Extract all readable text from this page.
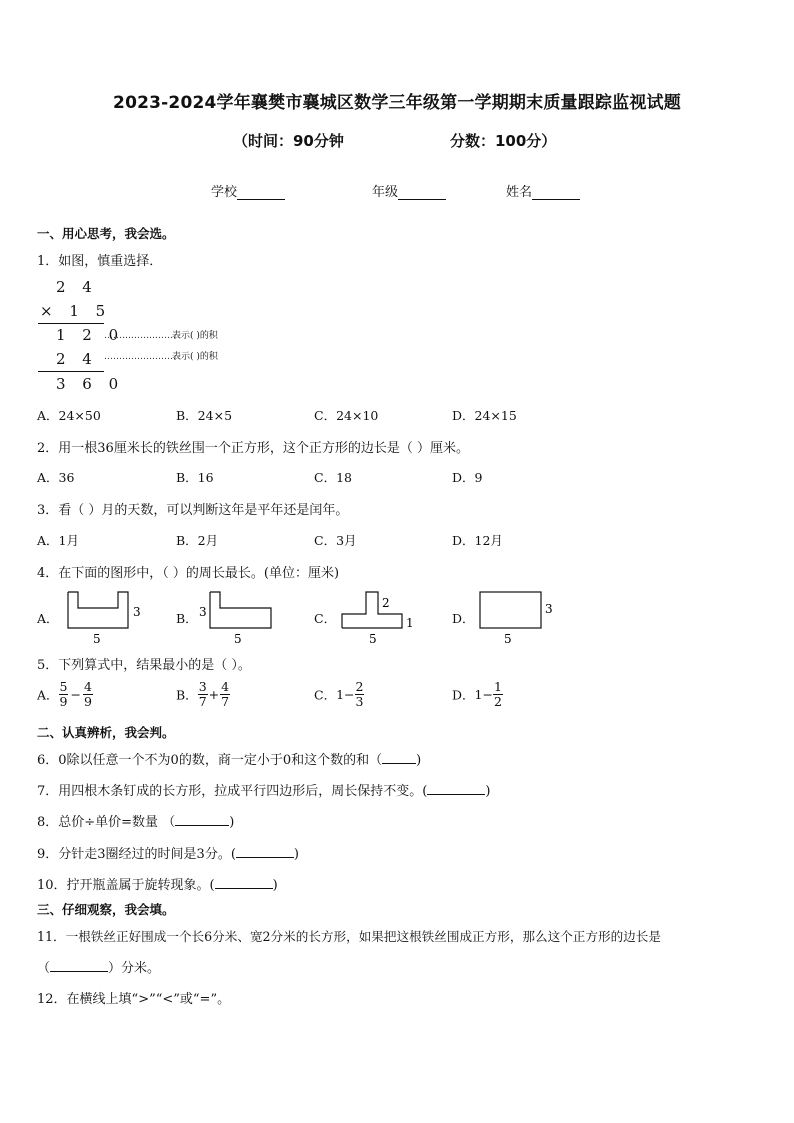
2023-2024学年襄樊市襄城区数学三年级第一学期期末质量跟踪监视试题
（时间：90分钟	分数：100分）
学校	年级	姓名
一、用心思考，我会选。
1．如图，慎重选择．
2 4
× 1 5
1 2 0
……………………
表示( )的积
2 4 ……………………
表示( )的积
3 6 0
A．24×50	B．24×5	C．24×10	D．24×15
2．用一根36厘米长的铁丝围一个正方形，这个正方形的边长是（ ）厘米。
A．36	B．16	C．18	D．9
3．看（ ）月的天数，可以判断这年是平年还是闰年。
A．1月	B．2月	C．3月	D．12月
4．在下面的图形中，（ ）的周长最长。(单位：厘米)
A．	3
5
B． 3
5
C．
2
1
5
D．
3
5
5．下列算式中，结果最小的是（ ）。
A． $\frac{5}{9} - \frac{4}{9}$	B． $\frac{3}{7} + \frac{4}{7}$	C．$1- \frac{2}{3}$	D．$1- \frac{1}{2}$
二、认真辨析，我会判。
6．0除以任意一个不为0的数，商一定小于0和这个数的和（	)
7．用四根木条钉成的长方形，拉成平行四边形后，周长保持不变。(	)
8．总价÷单价=数量 （	)
9．分针走3圈经过的时间是3分。(	)
10．拧开瓶盖属于旋转现象。(	)
三、仔细观察，我会填。
11．一根铁丝正好围成一个长6分米、宽2分米的长方形，如果把这根铁丝围成正方形，那么这个正方形的边长是
（	）分米。
12．在横线上填“>”“<”或“=”。
